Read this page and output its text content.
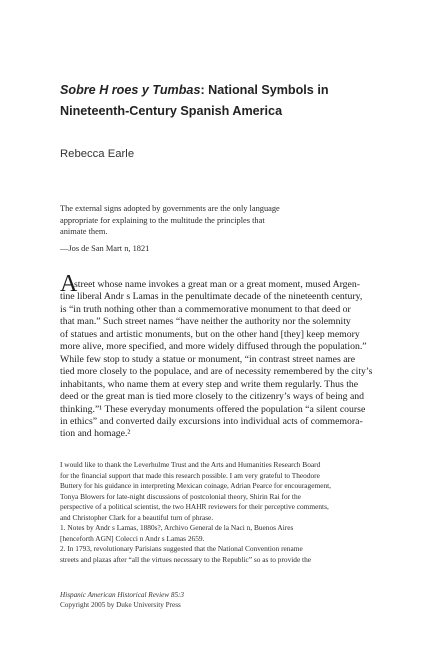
Sobre H roes y Tumbas: National Symbols in
Nineteenth-Century Spanish America
Rebecca Earle
The external signs adopted by governments are the only language
appropriate for explaining to the multitude the principles that
animate them.
—Jos de San Mart n, 1821
A
street whose name invokes a great man or a great moment, mused Argen-
tine liberal Andr s Lamas in the penultimate decade of the nineteenth century,
is “in truth nothing other than a commemorative monument to that deed or
that man.” Such street names “have neither the authority nor the solemnity
of statues and artistic monuments, but on the other hand [they] keep memory
more alive, more specified, and more widely diffused through the population.”
While few stop to study a statue or monument, “in contrast street names are
tied more closely to the populace, and are of necessity remembered by the city’s
inhabitants, who name them at every step and write them regularly. Thus the
deed or the great man is tied more closely to the citizenry’s ways of being and
thinking.”¹ These everyday monuments offered the population “a silent course
in ethics” and converted daily excursions into individual acts of commemora-
tion and homage.²
I would like to thank the Leverhulme Trust and the Arts and Humanities Research Board
for the financial support that made this research possible. I am very grateful to Theodore
Buttery for his guidance in interpreting Mexican coinage, Adrian Pearce for encouragement,
Tonya Blowers for late-night discussions of postcolonial theory, Shirin Rai for the
perspective of a political scientist, the two HAHR reviewers for their perceptive comments,
and Christopher Clark for a beautiful turn of phrase.
1. Notes by Andr s Lamas, 1880s?, Archivo General de la Naci n, Buenos Aires
[henceforth AGN] Colecci n Andr s Lamas 2659.
2. In 1793, revolutionary Parisians suggested that the National Convention rename
streets and plazas after “all the virtues necessary to the Republic” so as to provide the
Hispanic American Historical Review 85:3
Copyright 2005 by Duke University Press
